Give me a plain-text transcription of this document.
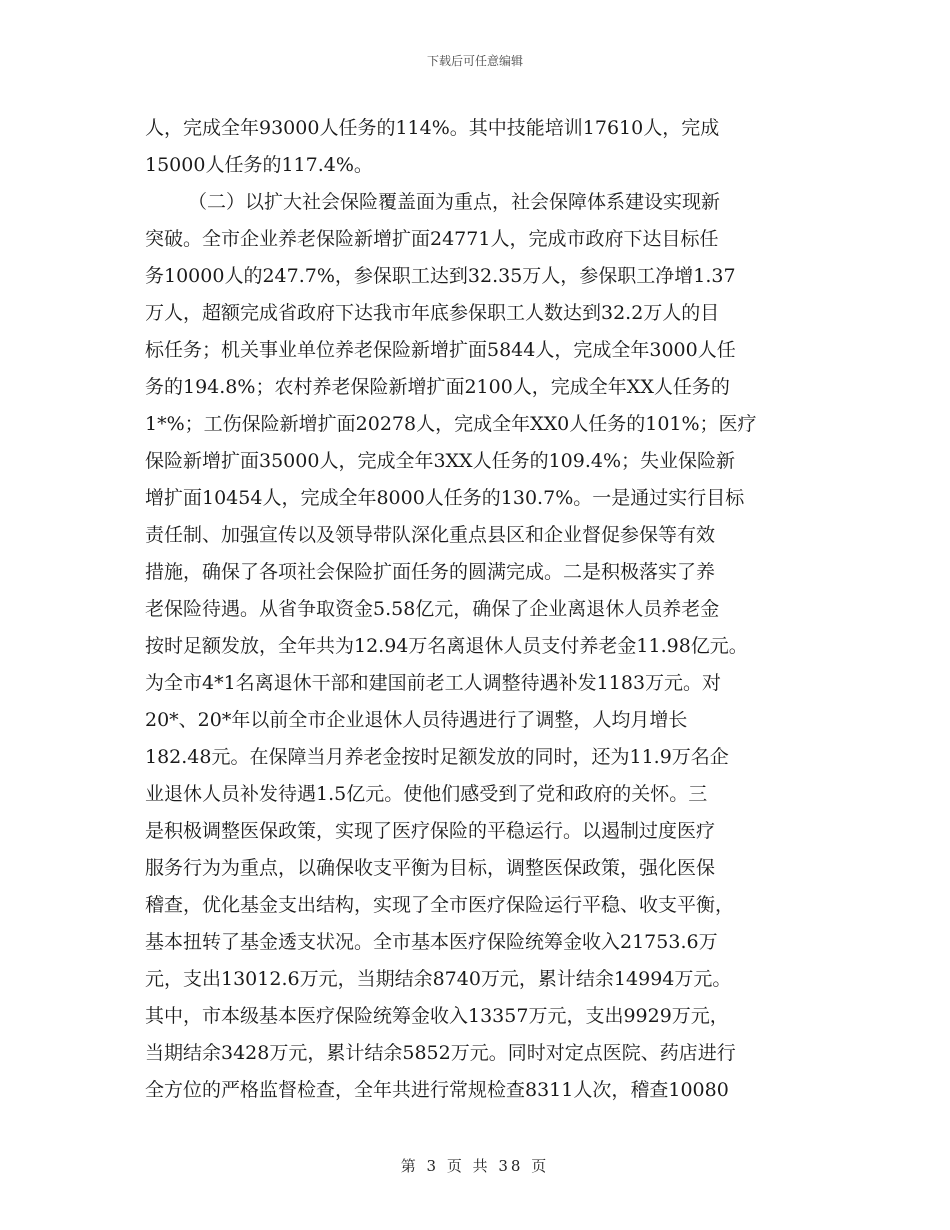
下载后可任意编辑
人，完成全年93000人任务的114%。其中技能培训17610人，完成
15000人任务的117.4%。
（二）以扩大社会保险覆盖面为重点，社会保障体系建设实现新
突破。全市企业养老保险新增扩面24771人，完成市政府下达目标任
务10000人的247.7%，参保职工达到32.35万人，参保职工净增1.37
万人，超额完成省政府下达我市年底参保职工人数达到32.2万人的目
标任务；机关事业单位养老保险新增扩面5844人，完成全年3000人任
务的194.8%；农村养老保险新增扩面2100人，完成全年XX人任务的
1*%；工伤保险新增扩面20278人，完成全年XX0人任务的101%；医疗
保险新增扩面35000人，完成全年3XX人任务的109.4%；失业保险新
增扩面10454人，完成全年8000人任务的130.7%。一是通过实行目标
责任制、加强宣传以及领导带队深化重点县区和企业督促参保等有效
措施，确保了各项社会保险扩面任务的圆满完成。二是积极落实了养
老保险待遇。从省争取资金5.58亿元，确保了企业离退休人员养老金
按时足额发放，全年共为12.94万名离退休人员支付养老金11.98亿元。
为全市4*1名离退休干部和建国前老工人调整待遇补发1183万元。对
20*、20*年以前全市企业退休人员待遇进行了调整，人均月增长
182.48元。在保障当月养老金按时足额发放的同时，还为11.9万名企
业退休人员补发待遇1.5亿元。使他们感受到了党和政府的关怀。三
是积极调整医保政策，实现了医疗保险的平稳运行。以遏制过度医疗
服务行为为重点，以确保收支平衡为目标，调整医保政策，强化医保
稽查，优化基金支出结构，实现了全市医疗保险运行平稳、收支平衡，
基本扭转了基金透支状况。全市基本医疗保险统筹金收入21753.6万
元，支出13012.6万元，当期结余8740万元，累计结余14994万元。
其中，市本级基本医疗保险统筹金收入13357万元，支出9929万元，
当期结余3428万元，累计结余5852万元。同时对定点医院、药店进行
全方位的严格监督检查，全年共进行常规检查8311人次，稽查10080
第 3 页 共 38 页
